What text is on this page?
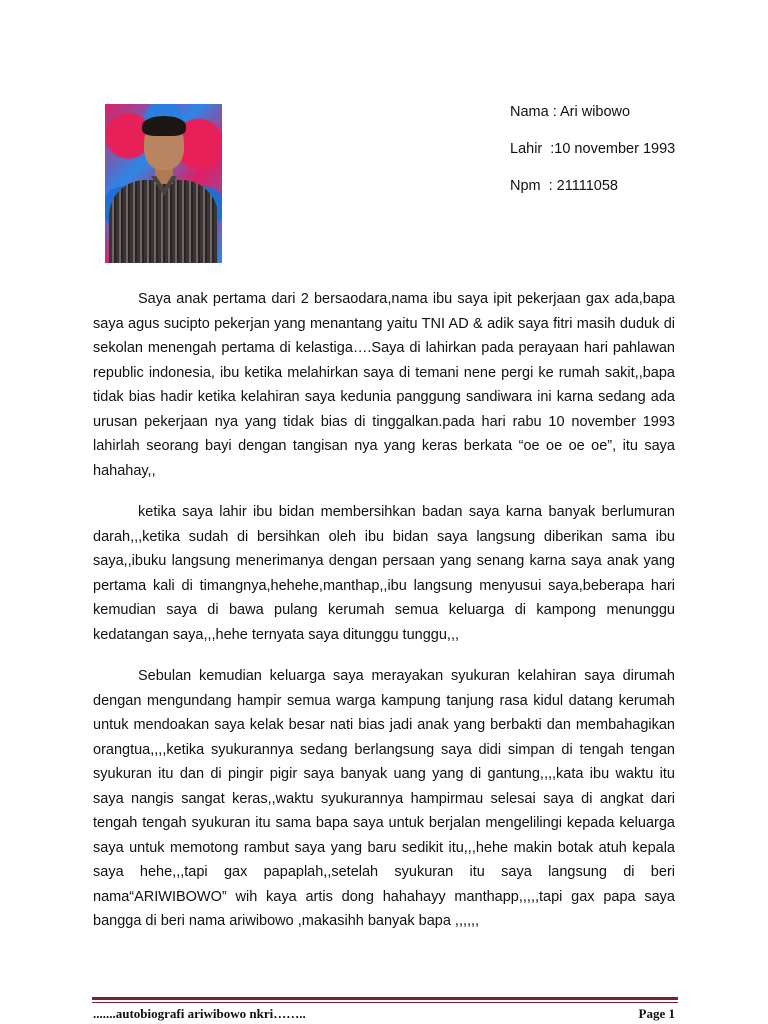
Nama : Ari wibowo
Lahir :10 november 1993
Npm : 21111058

Saya anak pertama dari 2 bersaodara,nama ibu saya ipit pekerjaan gax ada,bapa saya agus sucipto pekerjan yang menantang yaitu TNI AD & adik saya fitri masih duduk di sekolan menengah pertama di kelastiga….Saya di lahirkan pada perayaan hari pahlawan republic indonesia, ibu ketika melahirkan saya di temani nene pergi ke rumah sakit,,bapa tidak bias hadir ketika kelahiran saya kedunia panggung sandiwara ini karna sedang ada urusan pekerjaan nya yang tidak bias di tinggalkan.pada hari rabu 10 november 1993 lahirlah seorang bayi dengan tangisan nya yang keras berkata “oe oe oe oe”, itu saya hahahay,,

ketika saya lahir ibu bidan membersihkan badan saya karna banyak berlumuran darah,,,ketika sudah di bersihkan oleh ibu bidan saya langsung diberikan sama ibu saya,,ibuku langsung menerimanya dengan persaan yang senang karna saya anak yang pertama kali di timangnya,hehehe,manthap,,ibu langsung menyusui saya,beberapa hari kemudian saya di bawa pulang kerumah semua keluarga di kampong menunggu kedatangan saya,,,hehe ternyata saya ditunggu tunggu,,,

Sebulan kemudian keluarga saya merayakan syukuran kelahiran saya dirumah dengan mengundang hampir semua warga kampung tanjung rasa kidul datang kerumah untuk mendoakan saya kelak besar nati bias jadi anak yang berbakti dan membahagikan orangtua,,,,ketika syukurannya sedang berlangsung saya didi simpan di tengah tengan syukuran itu dan di pingir pigir saya banyak uang yang di gantung,,,,kata ibu waktu itu saya nangis sangat keras,,waktu syukurannya hampirmau selesai saya di angkat dari tengah tengah syukuran itu sama bapa saya untuk berjalan mengelilingi kepada keluarga saya untuk memotong rambut saya yang baru sedikit itu,,,hehe makin botak atuh kepala saya hehe,,,tapi gax papaplah,,setelah syukuran itu saya langsung di beri nama“ARIWIBOWO” wih kaya artis dong hahahayy manthapp,,,,,tapi gax papa saya bangga di beri nama ariwibowo ,makasihh banyak bapa ,,,,,,

.......autobiografi ariwibowo nkri……..	Page 1
